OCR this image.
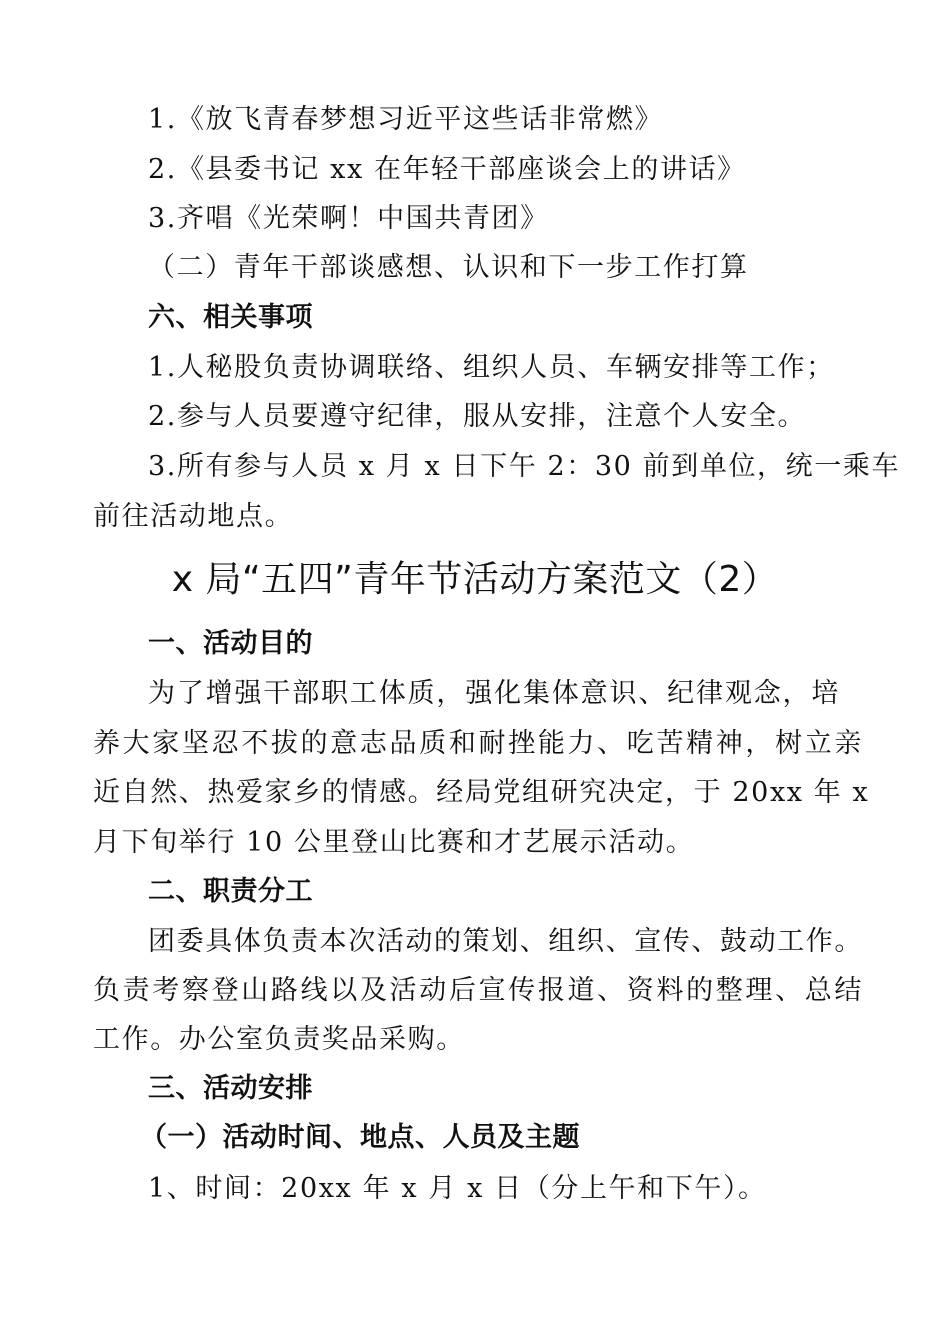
1.《放飞青春梦想习近平这些话非常燃》
2.《县委书记 xx 在年轻干部座谈会上的讲话》
3.齐唱《光荣啊！中国共青团》
（二）青年干部谈感想、认识和下一步工作打算
六、相关事项
1.人秘股负责协调联络、组织人员、车辆安排等工作；
2.参与人员要遵守纪律，服从安排，注意个人安全。
3.所有参与人员 x 月 x 日下午 2：30 前到单位，统一乘车
前往活动地点。
x 局“五四”青年节活动方案范文（2）
一、活动目的
为了增强干部职工体质，强化集体意识、纪律观念，培
养大家坚忍不拔的意志品质和耐挫能力、吃苦精神，树立亲
近自然、热爱家乡的情感。经局党组研究决定，于 20xx 年 x
月下旬举行 10 公里登山比赛和才艺展示活动。
二、职责分工
团委具体负责本次活动的策划、组织、宣传、鼓动工作。
负责考察登山路线以及活动后宣传报道、资料的整理、总结
工作。办公室负责奖品采购。
三、活动安排
（一）活动时间、地点、人员及主题
1、时间：20xx 年 x 月 x 日（分上午和下午）。
